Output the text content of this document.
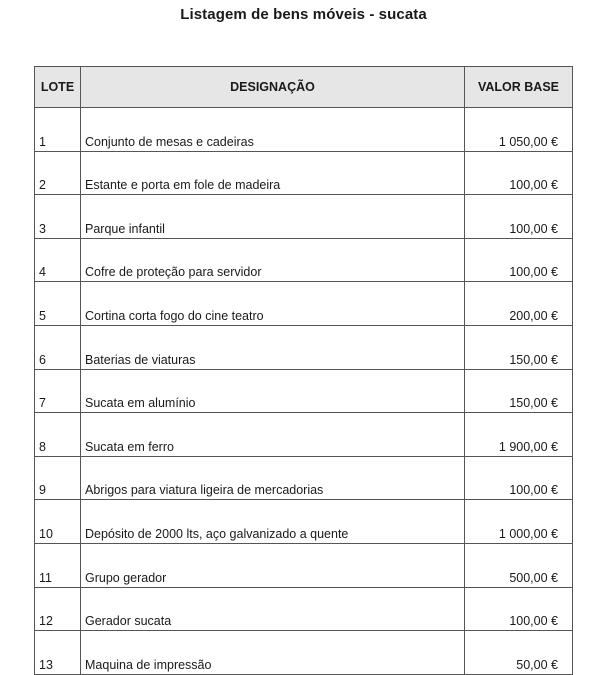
Listagem de bens móveis - sucata
LOTE	DESIGNAÇÃO	VALOR BASE
1	Conjunto de mesas e cadeiras	1 050,00 €
2	Estante e porta em fole de madeira	100,00 €
3	Parque infantil	100,00 €
4	Cofre de proteção para servidor	100,00 €
5	Cortina corta fogo do cine teatro	200,00 €
6	Baterias de viaturas	150,00 €
7	Sucata em alumínio	150,00 €
8	Sucata em ferro	1 900,00 €
9	Abrigos para viatura ligeira de mercadorias	100,00 €
10	Depósito de 2000 lts, aço galvanizado a quente	1 000,00 €
11	Grupo gerador	500,00 €
12	Gerador sucata	100,00 €
13	Maquina de impressão	50,00 €
